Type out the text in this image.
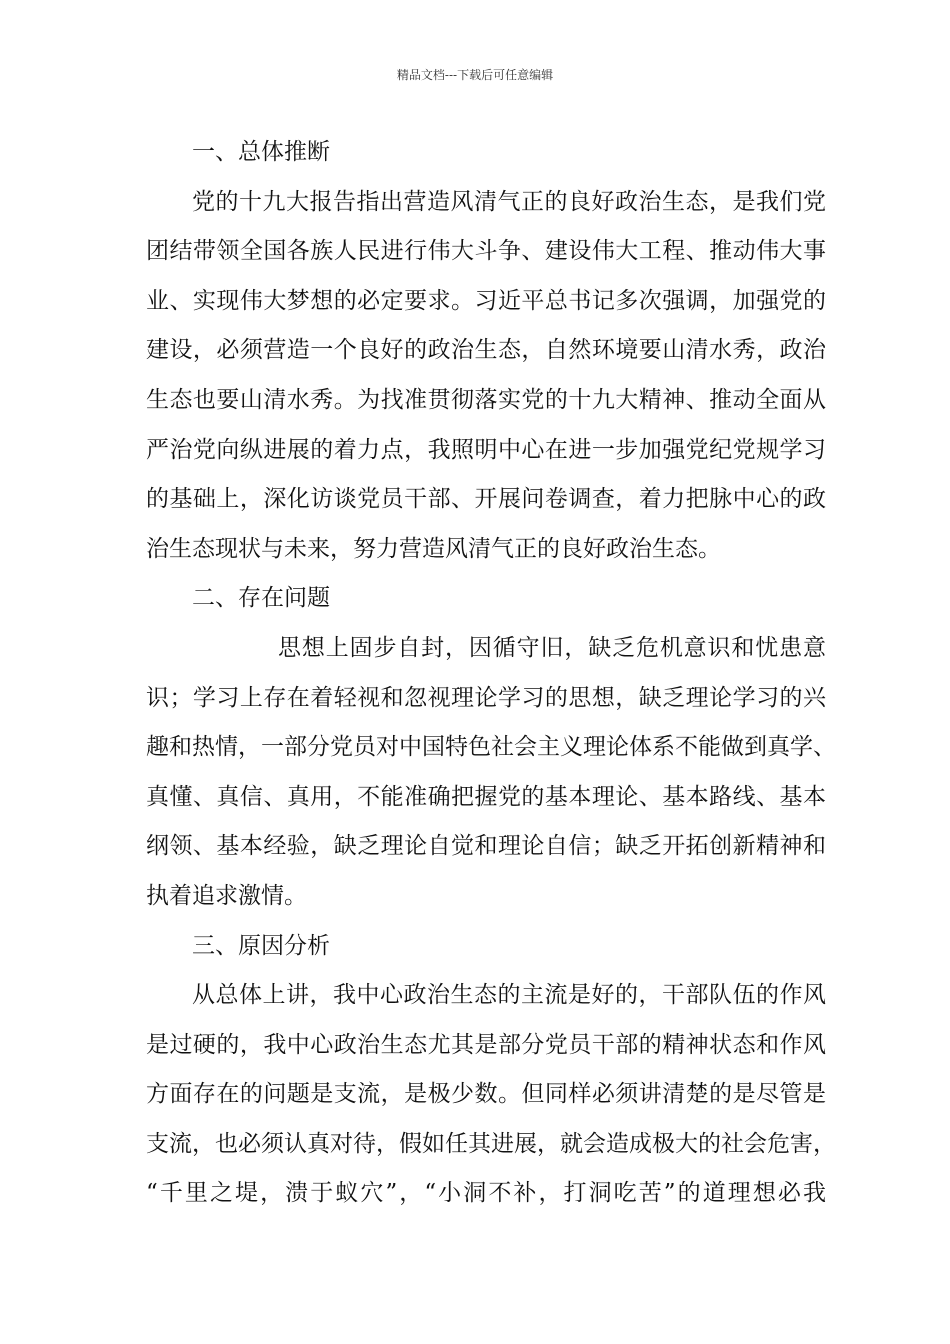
精品文档---下载后可任意编辑
一、总体推断
党的十九大报告指出营造风清气正的良好政治生态，是我们党
团结带领全国各族人民进行伟大斗争、建设伟大工程、推动伟大事
业、实现伟大梦想的必定要求。习近平总书记多次强调，加强党的
建设，必须营造一个良好的政治生态，自然环境要山清水秀，政治
生态也要山清水秀。为找准贯彻落实党的十九大精神、推动全面从
严治党向纵进展的着力点，我照明中心在进一步加强党纪党规学习
的基础上，深化访谈党员干部、开展问卷调查，着力把脉中心的政
治生态现状与未来，努力营造风清气正的良好政治生态。
二、存在问题
思想上固步自封，因循守旧，缺乏危机意识和忧患意
识；学习上存在着轻视和忽视理论学习的思想，缺乏理论学习的兴
趣和热情，一部分党员对中国特色社会主义理论体系不能做到真学、
真懂、真信、真用，不能准确把握党的基本理论、基本路线、基本
纲领、基本经验，缺乏理论自觉和理论自信；缺乏开拓创新精神和
执着追求激情。
三、原因分析
从总体上讲，我中心政治生态的主流是好的，干部队伍的作风
是过硬的，我中心政治生态尤其是部分党员干部的精神状态和作风
方面存在的问题是支流，是极少数。但同样必须讲清楚的是尽管是
支流，也必须认真对待，假如任其进展，就会造成极大的社会危害，
“千里之堤，溃于蚁穴”，“小洞不补，打洞吃苦”的道理想必我
